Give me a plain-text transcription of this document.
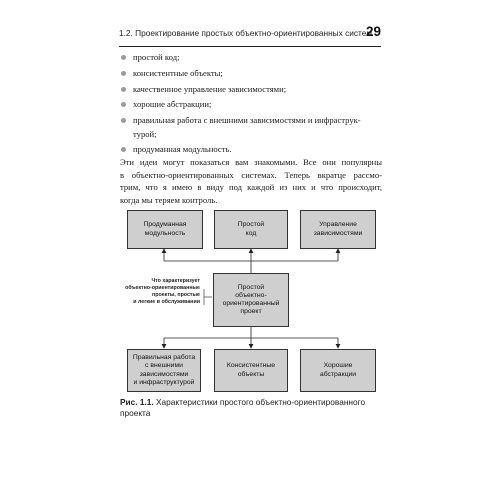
1.2. Проектирование простых объектно-ориентированных систем
29
простой код;
консистентные объекты;
качественное управление зависимостями;
хорошие абстракции;
правильная работа с внешними зависимостями и инфраструк-
турой;
продуманная модульность.

Эти идеи могут показаться вам знакомыми. Все они популярны
в объектно-ориентированных системах. Теперь вкратце рассмо-
трим, что я имею в виду под каждой из них и что происходит,
когда мы теряем контроль.

Продуманная
модульность
Простой
код
Управление
зависимостями
Простой
объектно-
ориентированный
проект
Что характеризует
объектно-ориентированные
проекты, простые
и легкие в обслуживании
Правильная работа
с внешними
зависимостями
и инфраструктурой
Консистентные
объекты
Хорошие
абстракции

Рис. 1.1. Характеристики простого объектно-ориентированного
проекта
